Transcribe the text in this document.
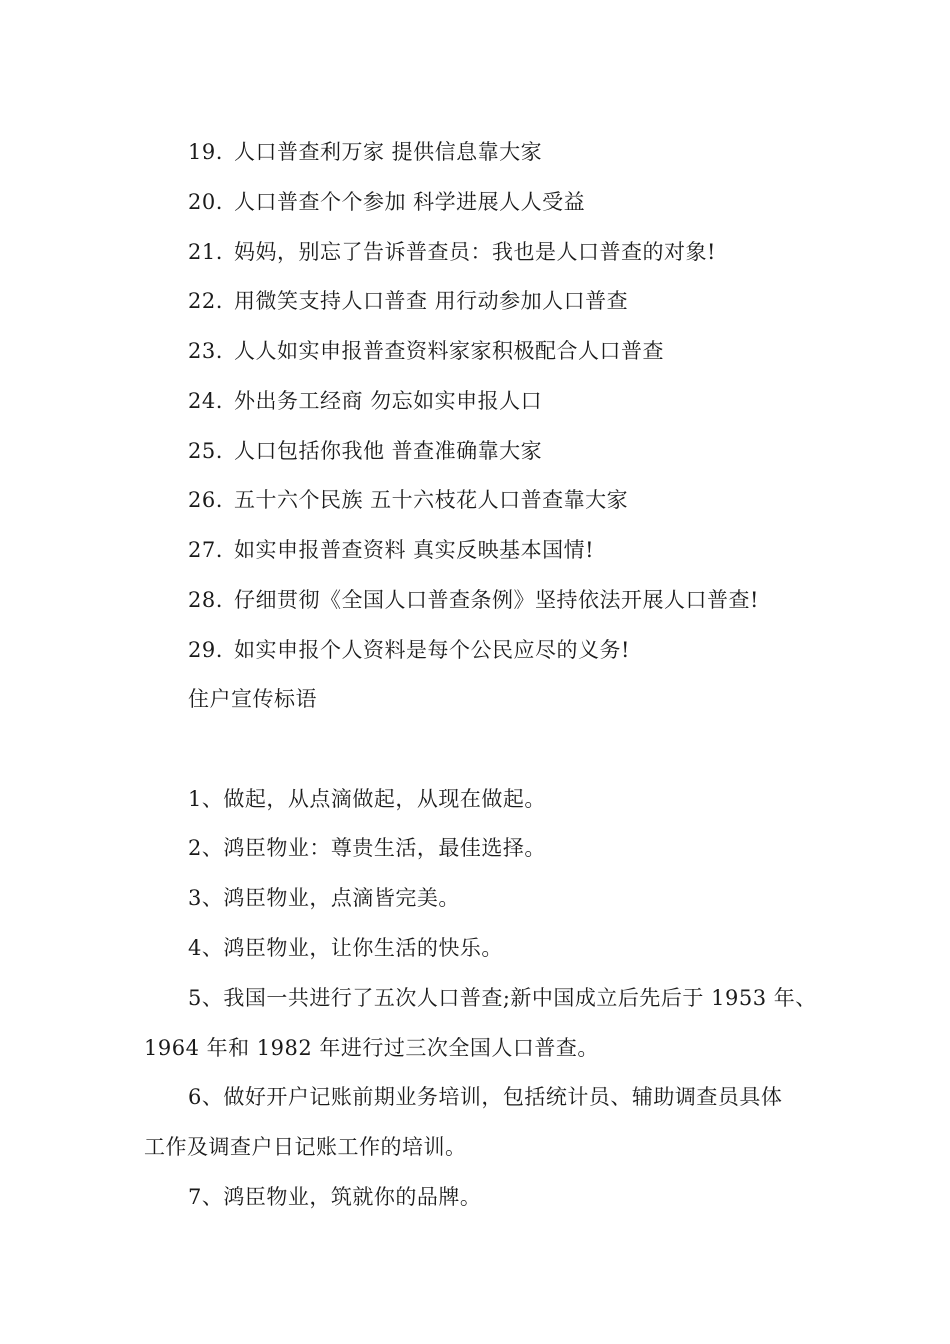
19. 人口普查利万家 提供信息靠大家
20. 人口普查个个参加 科学进展人人受益
21. 妈妈，别忘了告诉普查员：我也是人口普查的对象!
22. 用微笑支持人口普查 用行动参加人口普查
23. 人人如实申报普查资料家家积极配合人口普查
24. 外出务工经商 勿忘如实申报人口
25. 人口包括你我他 普查准确靠大家
26. 五十六个民族 五十六枝花人口普查靠大家
27. 如实申报普查资料 真实反映基本国情!
28. 仔细贯彻《全国人口普查条例》坚持依法开展人口普查!
29. 如实申报个人资料是每个公民应尽的义务!
住户宣传标语
1、做起，从点滴做起，从现在做起。
2、鸿臣物业：尊贵生活，最佳选择。
3、鸿臣物业，点滴皆完美。
4、鸿臣物业，让你生活的快乐。
5、我国一共进行了五次人口普查;新中国成立后先后于 1953 年、
1964 年和 1982 年进行过三次全国人口普查。
6、做好开户记账前期业务培训，包括统计员、辅助调查员具体
工作及调查户日记账工作的培训。
7、鸿臣物业，筑就你的品牌。
